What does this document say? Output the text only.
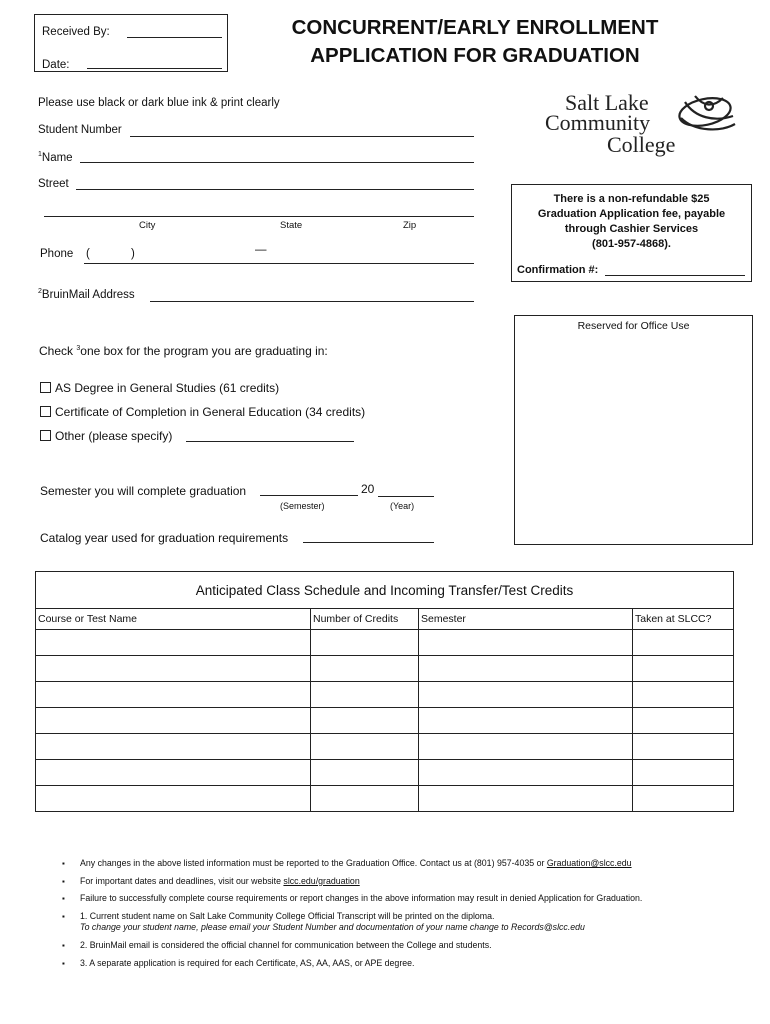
Received By:
Date:
CONCURRENT/EARLY ENROLLMENT
APPLICATION FOR GRADUATION
Salt Lake
Community
College
Please use black or dark blue ink & print clearly
Student Number
$^1$Name
Street
City	State	Zip
Phone (	)	—
$^2$BruinMail Address
There is a non-refundable $25
Graduation Application fee, payable
through Cashier Services
(801-957-4868).
Confirmation #:
Reserved for Office Use
Check $^3$one box for the program you are graduating in:
AS Degree in General Studies (61 credits)
Certificate of Completion in General Education (34 credits)
Other (please specify)
Semester you will complete graduation	20
(Semester)	(Year)
Catalog year used for graduation requirements
Anticipated Class Schedule and Incoming Transfer/Test Credits			
Course or Test Name	Number of Credits	Semester	Taken at SLCC?

▪ Any changes in the above listed information must be reported to the Graduation Office. Contact us at (801) 957-4035 or Graduation@slcc.edu
▪ For important dates and deadlines, visit our website slcc.edu/graduation
▪ Failure to successfully complete course requirements or report changes in the above information may result in denied Application for Graduation.
▪ 1. Current student name on Salt Lake Community College Official Transcript will be printed on the diploma.
To change your student name, please email your Student Number and documentation of your name change to Records@slcc.edu
▪ 2. BruinMail email is considered the official channel for communication between the College and students.
▪ 3. A separate application is required for each Certificate, AS, AA, AAS, or APE degree.
